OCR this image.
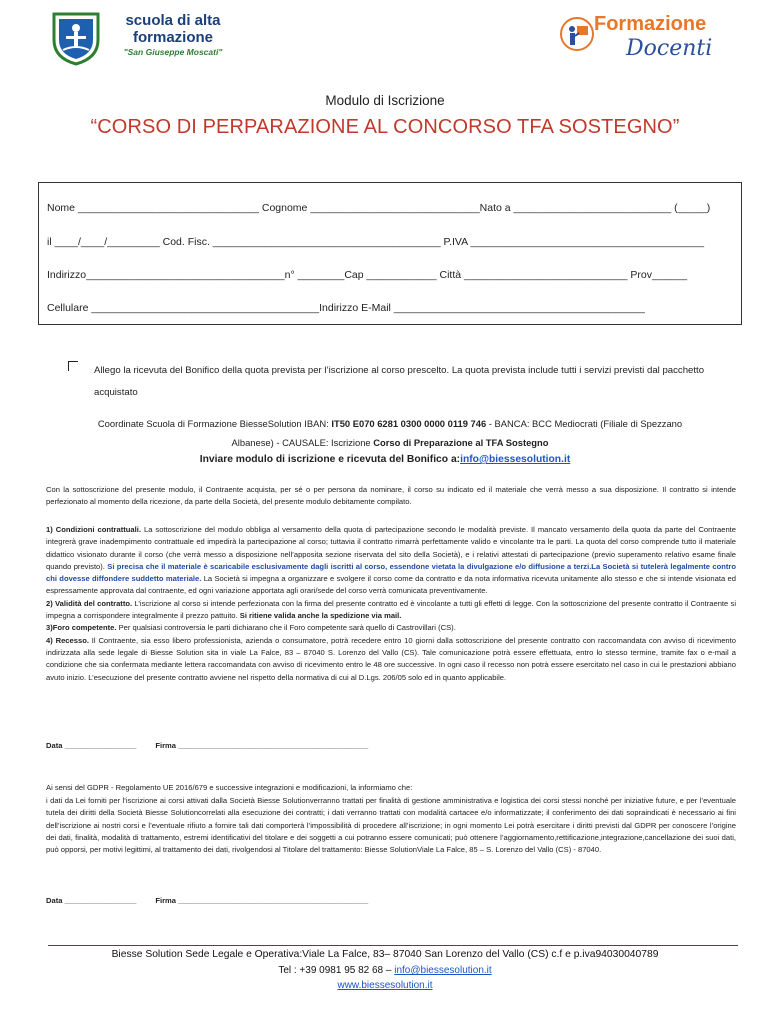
scuola di alta
formazione
"San Giuseppe Moscati"
Formazione
Docenti
Modulo di Iscrizione
“CORSO DI PERPARAZIONE AL CONCORSO TFA SOSTEGNO”
Nome _______________________________ Cognome _____________________________Nato a ___________________________ (_____)
il ____/____/_________ Cod. Fisc. _______________________________________ P.IVA ________________________________________
Indirizzo__________________________________n° ________Cap ____________ Città ____________________________ Prov______
Cellulare _______________________________________Indirizzo E-Mail ___________________________________________
Allego la ricevuta del Bonifico della quota prevista per l’iscrizione al corso prescelto. La quota prevista include tutti i servizi previsti dal pacchetto acquistato
Coordinate Scuola di Formazione BiesseSolution IBAN: IT50 E070 6281 0300 0000 0119 746 - BANCA: BCC Mediocrati (Filiale di Spezzano
Albanese) - CAUSALE: Iscrizione Corso di Preparazione al TFA Sostegno
Inviare modulo di iscrizione e ricevuta del Bonifico a:info@biessesolution.it
Con la sottoscrizione del presente modulo, il Contraente acquista, per sé o per persona da nominare, il corso su indicato ed il materiale che verrà messo a sua disposizione. Il contratto si intende perfezionato al momento della ricezione, da parte della Società, del presente modulo debitamente compilato.
1) Condizioni contrattuali. La sottoscrizione del modulo obbliga al versamento della quota di partecipazione secondo le modalità previste. Il mancato versamento della quota da parte del Contraente integrerà grave inadempimento contrattuale ed impedirà la partecipazione al corso; tuttavia il contratto rimarrà perfettamente valido e vincolante tra le parti. La quota del corso comprende tutto il materiale didattico visionato durante il corso (che verrà messo a disposizione nell’apposita sezione riservata del sito della Società), e i relativi attestati di partecipazione (previo superamento relativo esame finale quando previsto). Si precisa che il materiale è scaricabile esclusivamente dagli iscritti al corso, essendone vietata la divulgazione e/o diffusione a terzi.La Società si tutelerà legalmente contro chi dovesse diffondere suddetto materiale. La Società si impegna a organizzare e svolgere il corso come da contratto e da nota informativa ricevuta unitamente allo stesso e che si intende visionata ed espressamente approvata dal contraente, ed ogni variazione apportata agli orari/sede del corso verrà comunicata preventivamente.
2) Validità del contratto. L’iscrizione al corso si intende perfezionata con la firma del presente contratto ed è vincolante a tutti gli effetti di legge. Con la sottoscrizione del presente contratto il Contraente si impegna a corrispondere integralmente il prezzo pattuito. Si ritiene valida anche la spedizione via mail.
3)Foro competente. Per qualsiasi controversia le parti dichiarano che il Foro competente sarà quello di Castrovillari (CS).
4) Recesso. Il Contraente, sia esso libero professionista, azienda o consumatore, potrà recedere entro 10 giorni dalla sottoscrizione del presente contratto con raccomandata con avviso di ricevimento indirizzata alla sede legale di Biesse Solution sita in viale La Falce, 83 – 87040 S. Lorenzo del Vallo (CS). Tale comunicazione potrà essere effettuata, entro lo stesso termine, tramite fax o e-mail a condizione che sia confermata mediante lettera raccomandata con avviso di ricevimento entro le 48 ore successive. In ogni caso il recesso non potrà essere esercitato nel caso in cui le prestazioni abbiano avuto inizio. L’esecuzione del presente contratto avviene nel rispetto della normativa di cui al D.Lgs. 206/05 solo ed in quanto applicabile.
Data _________________         Firma _____________________________________________
Ai sensi del GDPR - Regolamento UE 2016/679 e successive integrazioni e modificazioni, la informiamo che:
i dati da Lei forniti per l’iscrizione ai corsi attivati dalla Società Biesse Solutionverranno trattati per finalità di gestione amministrativa e logistica dei corsi stessi nonché per iniziative future, e per l’eventuale tutela dei diritti della Società Biesse Solutioncorrelati alla esecuzione dei contratti; i dati verranno trattati con modalità cartacee e/o informatizzate; il conferimento dei dati sopraindicati è necessario ai fini dell’iscrizione ai nostri corsi e l’eventuale rifiuto a fornire tali dati comporterà l’impossibilità di procedere all’iscrizione; in ogni momento Lei potrà esercitare i diritti previsti dal GDPR per conoscere l’origine dei dati, finalità, modalità di trattamento, estremi identificativi del titolare e dei soggetti a cui potranno essere comunicati; può ottenere l’aggiornamento,rettificazione,integrazione,cancellazione dei suoi dati, può opporsi, per motivi legittimi, al trattamento dei dati, rivolgendosi al Titolare del trattamento: Biesse SolutionViale La Falce, 85 – S. Lorenzo del Vallo (CS) - 87040.
Data _________________         Firma _____________________________________________
Biesse Solution Sede Legale e Operativa:Viale La Falce, 83– 87040 San Lorenzo del Vallo (CS) c.f e p.iva94030040789
Tel : +39 0981 95 82 68 – info@biessesolution.it
www.biessesolution.it
